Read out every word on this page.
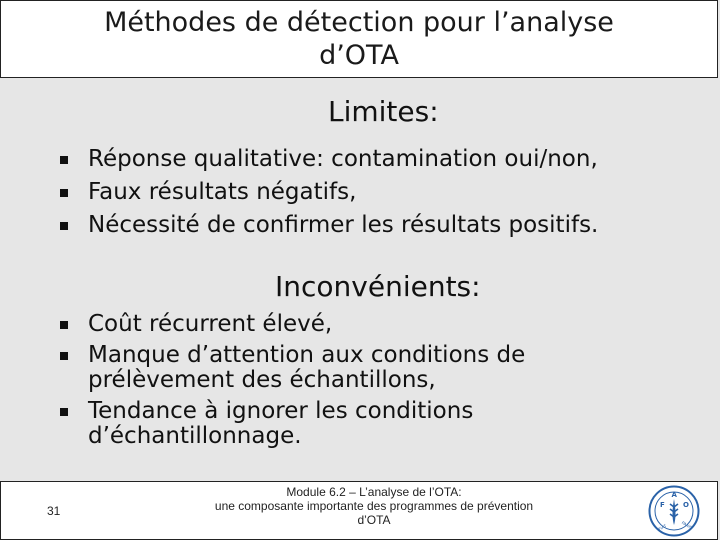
Méthodes de détection pour l’analyse
d’OTA
Limites:
Réponse qualitative: contamination oui/non,
Faux résultats négatifs,
Nécessité de confirmer les résultats positifs.
Inconvénients:
Coût récurrent élevé,
Manque d’attention aux conditions de prélèvement des échantillons,
Tendance à ignorer les conditions d’échantillonnage.
31
Module 6.2 – L’analyse de l’OTA:
une composante importante des programmes de prévention
d’OTA
F
A
O
FIAT	PANIS
